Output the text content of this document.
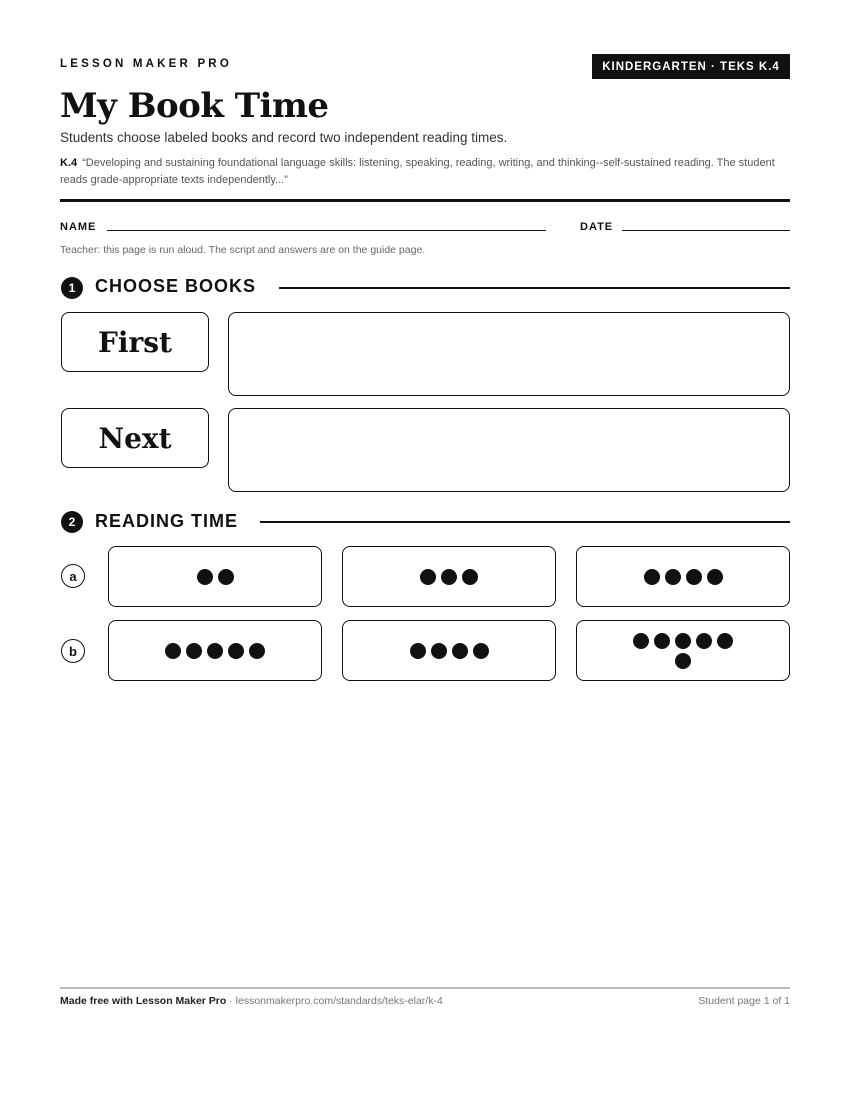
LESSON MAKER PRO	KINDERGARTEN · TEKS K.4
My Book Time
Students choose labeled books and record two independent reading times.
K.4 “Developing and sustaining foundational language skills: listening, speaking, reading, writing, and thinking--self-sustained reading. The student reads grade-appropriate texts independently...”
NAME	DATE
Teacher: this page is run aloud. The script and answers are on the guide page.
1	CHOOSE BOOKS
First
Next
2	READING TIME
a
b
Made free with Lesson Maker Pro · lessonmakerpro.com/standards/teks-elar/k-4	Student page 1 of 1
